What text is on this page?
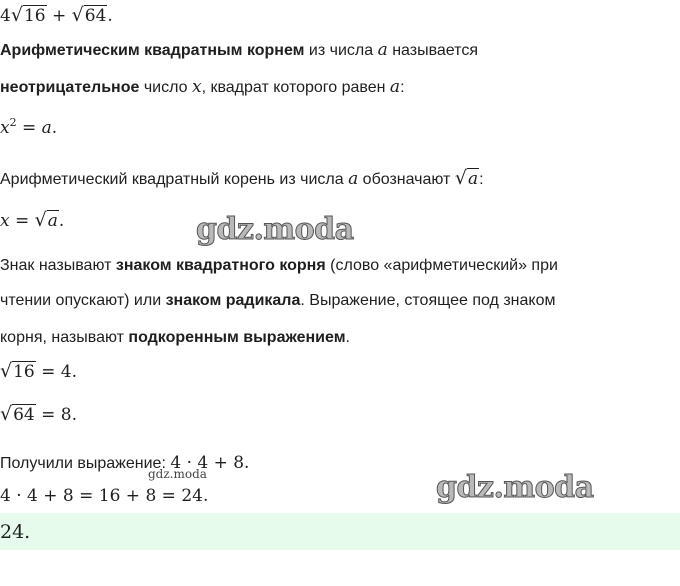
4√16 + √64.
Арифметическим квадратным корнем из числа a называется
неотрицательное число x, квадрат которого равен a:
$x^2 = a$.
Арифметический квадратный корень из числа a обозначают √a:
x = √a.
Знак называют знаком квадратного корня (слово «арифметический» при
чтении опускают) или знаком радикала. Выражение, стоящее под знаком
корня, называют подкоренным выражением.
√16 = 4.
√64 = 8.
Получили выражение: 4 · 4 + 8.
4 · 4 + 8 = 16 + 8 = 24.
24.
gdz.moda
gdz.moda	gdz.moda
